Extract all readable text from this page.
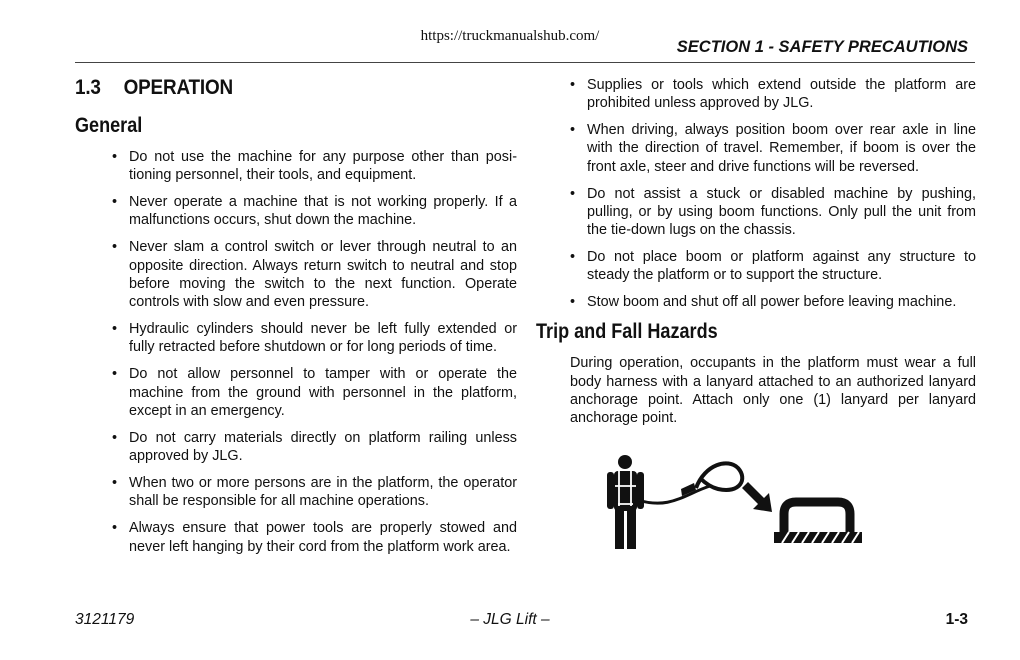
https://truckmanualshub.com/
SECTION 1 - SAFETY PRECAUTIONS
1.3 OPERATION
General
• Do not use the machine for any purpose other than positioning personnel, their tools, and equipment.
• Never operate a machine that is not working properly. If a malfunctions occurs, shut down the machine.
• Never slam a control switch or lever through neutral to an opposite direction. Always return switch to neutral and stop before moving the switch to the next function. Operate controls with slow and even pressure.
• Hydraulic cylinders should never be left fully extended or fully retracted before shutdown or for long periods of time.
• Do not allow personnel to tamper with or operate the machine from the ground with personnel in the platform, except in an emergency.
• Do not carry materials directly on platform railing unless approved by JLG.
• When two or more persons are in the platform, the operator shall be responsible for all machine operations.
• Always ensure that power tools are properly stowed and never left hanging by their cord from the platform work area.
• Supplies or tools which extend outside the platform are prohibited unless approved by JLG.
• When driving, always position boom over rear axle in line with the direction of travel. Remember, if boom is over the front axle, steer and drive functions will be reversed.
• Do not assist a stuck or disabled machine by pushing, pulling, or by using boom functions. Only pull the unit from the tie-down lugs on the chassis.
• Do not place boom or platform against any structure to steady the platform or to support the structure.
• Stow boom and shut off all power before leaving machine.
Trip and Fall Hazards

During operation, occupants in the platform must wear a full body harness with a lanyard attached to an authorized lanyard anchorage point. Attach only one (1) lanyard per lanyard anchorage point.

3121179	– JLG Lift –	1-3
